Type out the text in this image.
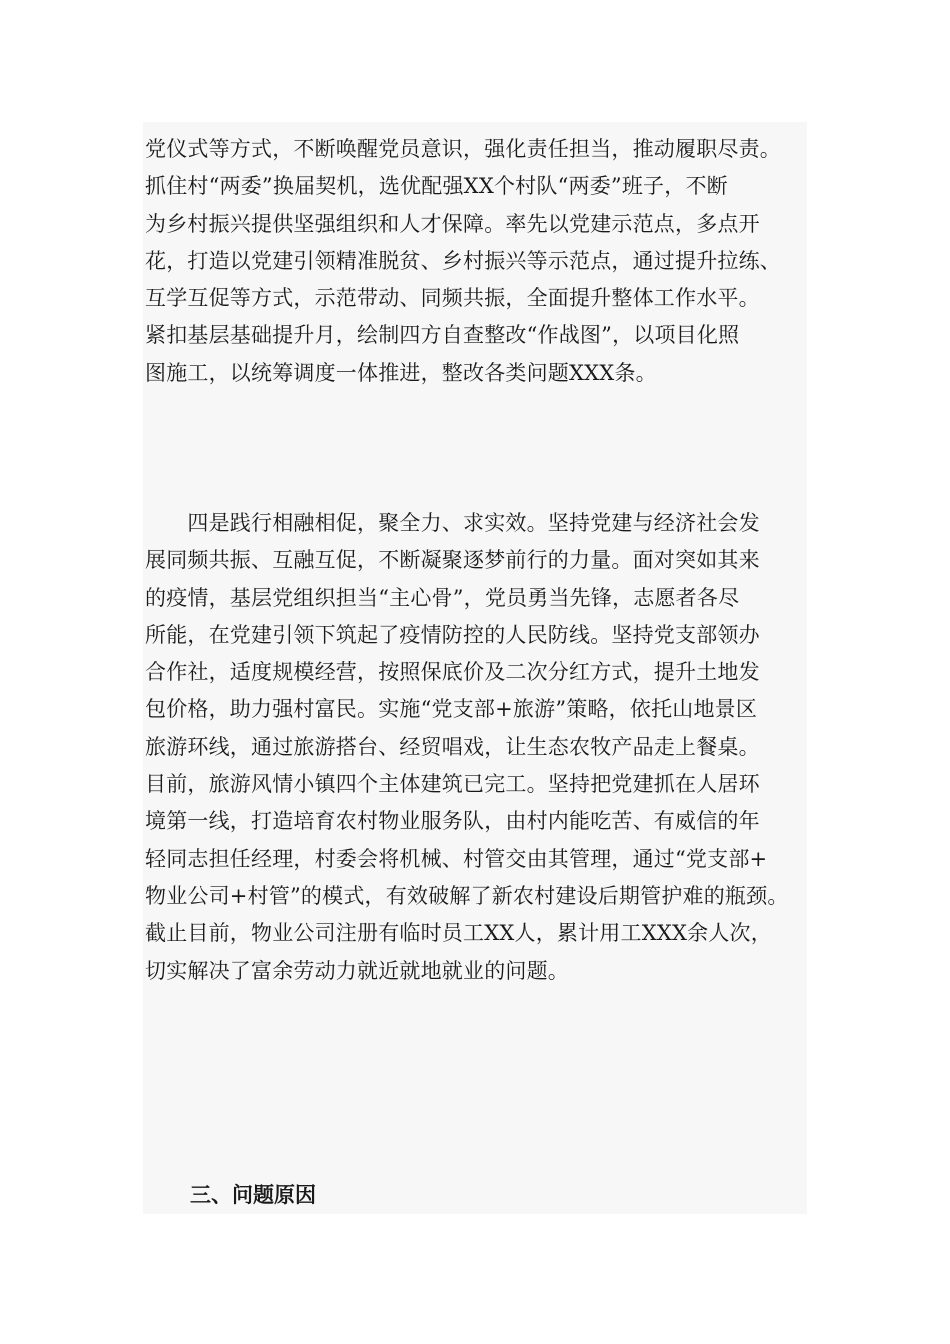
党仪式等方式，不断唤醒党员意识，强化责任担当，推动履职尽责。
抓住村“两委”换届契机，选优配强XX个村队“两委”班子，不断
为乡村振兴提供坚强组织和人才保障。率先以党建示范点，多点开
花，打造以党建引领精准脱贫、乡村振兴等示范点，通过提升拉练、
互学互促等方式，示范带动、同频共振，全面提升整体工作水平。
紧扣基层基础提升月，绘制四方自查整改“作战图”，以项目化照
图施工，以统筹调度一体推进，整改各类问题XXX条。
　　四是践行相融相促，聚全力、求实效。坚持党建与经济社会发
展同频共振、互融互促，不断凝聚逐梦前行的力量。面对突如其来
的疫情，基层党组织担当“主心骨”，党员勇当先锋，志愿者各尽
所能，在党建引领下筑起了疫情防控的人民防线。坚持党支部领办
合作社，适度规模经营，按照保底价及二次分红方式，提升土地发
包价格，助力强村富民。实施“党支部+旅游”策略，依托山地景区
旅游环线，通过旅游搭台、经贸唱戏，让生态农牧产品走上餐桌。
目前，旅游风情小镇四个主体建筑已完工。坚持把党建抓在人居环
境第一线，打造培育农村物业服务队，由村内能吃苦、有威信的年
轻同志担任经理，村委会将机械、村管交由其管理，通过“党支部+
物业公司+村管”的模式，有效破解了新农村建设后期管护难的瓶颈。
截止目前，物业公司注册有临时员工XX人，累计用工XXX余人次，
切实解决了富余劳动力就近就地就业的问题。
三、问题原因
